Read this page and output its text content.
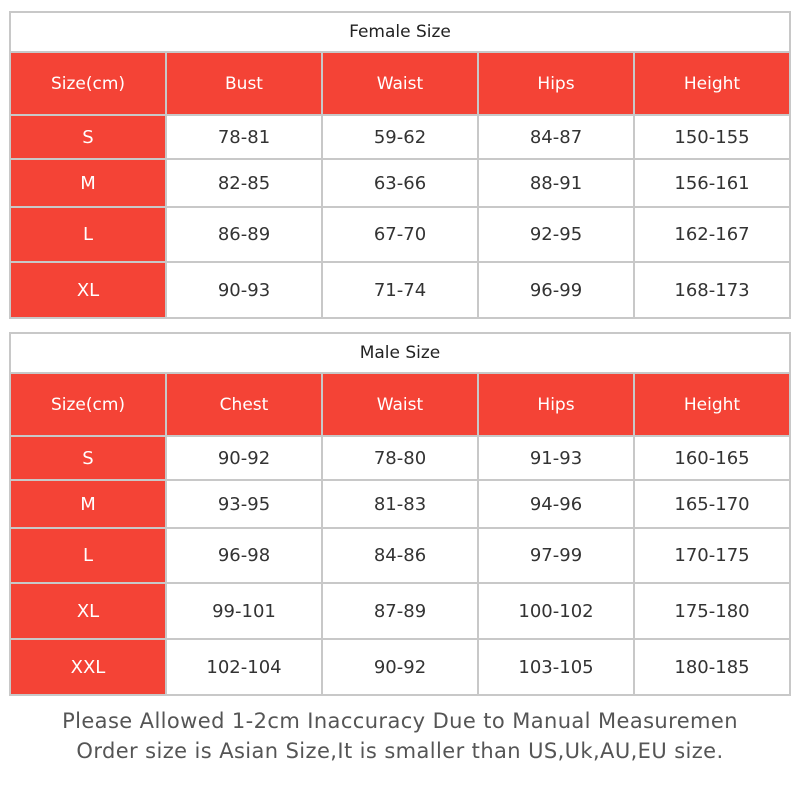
Female Size				
Size(cm)	Bust	Waist	Hips	Height
S	78-81	59-62	84-87	150-155
M	82-85	63-66	88-91	156-161
L	86-89	67-70	92-95	162-167
XL	90-93	71-74	96-99	168-173
Male Size				
Size(cm)	Chest	Waist	Hips	Height
S	90-92	78-80	91-93	160-165
M	93-95	81-83	94-96	165-170
L	96-98	84-86	97-99	170-175
XL	99-101	87-89	100-102	175-180
XXL	102-104	90-92	103-105	180-185
Please Allowed 1-2cm Inaccuracy Due to Manual Measuremen
Order size is Asian Size,It is smaller than US,Uk,AU,EU size.
